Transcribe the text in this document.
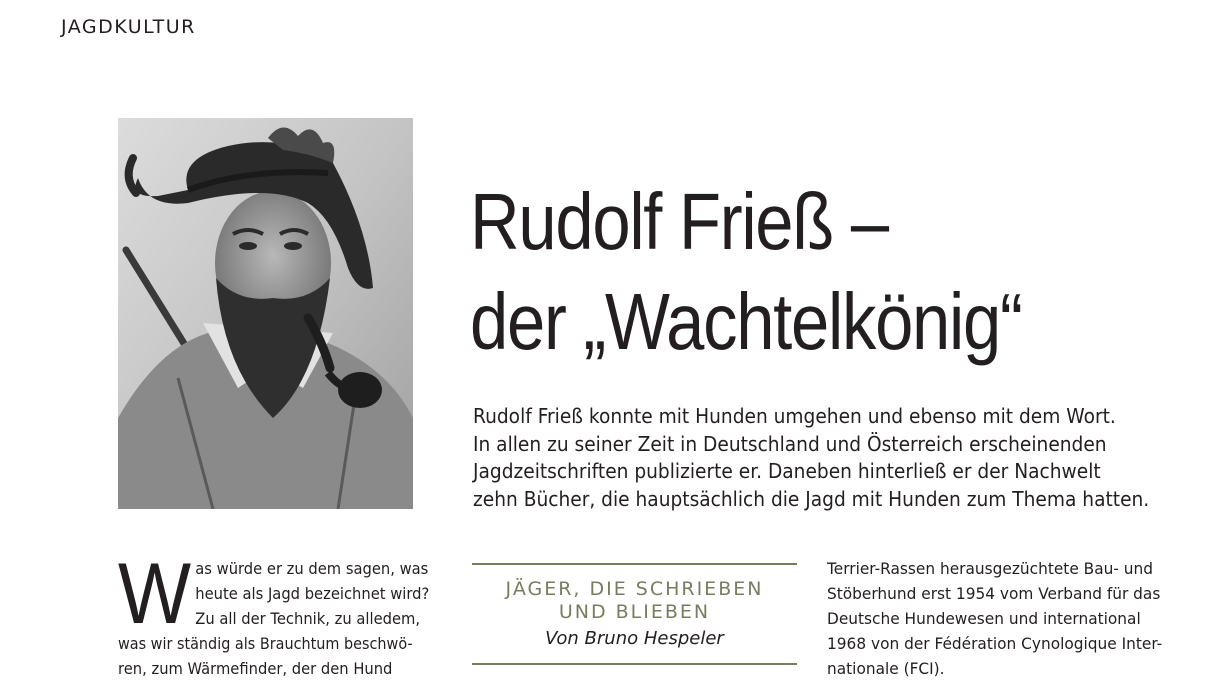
JAGDKULTUR
Rudolf Frieß –
der „Wachtelkönig“
Rudolf Frieß konnte mit Hunden umgehen und ebenso mit dem Wort.
In allen zu seiner Zeit in Deutschland und Österreich erscheinenden
Jagdzeitschriften publizierte er. Daneben hinterließ er der Nachwelt
zehn Bücher, die hauptsächlich die Jagd mit Hunden zum Thema hatten.
W as würde er zu dem sagen, was
heute als Jagd bezeichnet wird?
Zu all der Technik, zu alledem,
was wir ständig als Brauchtum beschwö-
ren, zum Wärmefinder, der den Hund
JÄGER, DIE SCHRIEBEN
UND BLIEBEN
Von Bruno Hespeler
Terrier-Rassen herausgezüchtete Bau- und
Stöberhund erst 1954 vom Verband für das
Deutsche Hundewesen und international
1968 von der Fédération Cynologique Inter-
nationale (FCI).
